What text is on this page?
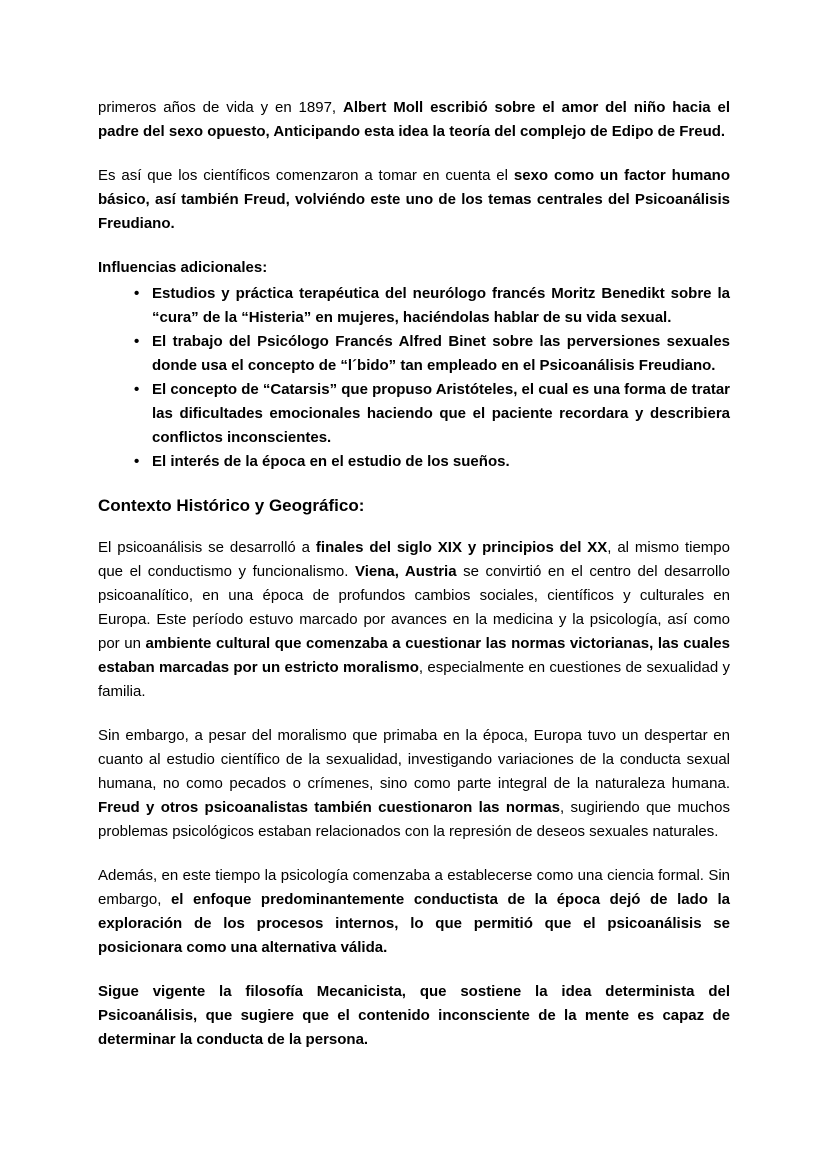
primeros años de vida y en 1897, Albert Moll escribió sobre el amor del niño hacia el padre del sexo opuesto, Anticipando esta idea la teoría del complejo de Edipo de Freud.

Es así que los científicos comenzaron a tomar en cuenta el sexo como un factor humano básico, así también Freud, volviéndo este uno de los temas centrales del Psicoanálisis Freudiano.

Influencias adicionales:

• Estudios y práctica terapéutica del neurólogo francés Moritz Benedikt sobre la “cura” de la “Histeria” en mujeres, haciéndolas hablar de su vida sexual.
• El trabajo del Psicólogo Francés Alfred Binet sobre las perversiones sexuales donde usa el concepto de “l´bido” tan empleado en el Psicoanálisis Freudiano.
• El concepto de “Catarsis” que propuso Aristóteles, el cual es una forma de tratar las dificultades emocionales haciendo que el paciente recordara y describiera conflictos inconscientes.
• El interés de la época en el estudio de los sueños.
Contexto Histórico y Geográfico:

El psicoanálisis se desarrolló a finales del siglo XIX y principios del XX, al mismo tiempo que el conductismo y funcionalismo. Viena, Austria se convirtió en el centro del desarrollo psicoanalítico, en una época de profundos cambios sociales, científicos y culturales en Europa. Este período estuvo marcado por avances en la medicina y la psicología, así como por un ambiente cultural que comenzaba a cuestionar las normas victorianas, las cuales estaban marcadas por un estricto moralismo, especialmente en cuestiones de sexualidad y familia.

Sin embargo, a pesar del moralismo que primaba en la época, Europa tuvo un despertar en cuanto al estudio científico de la sexualidad, investigando variaciones de la conducta sexual humana, no como pecados o crímenes, sino como parte integral de la naturaleza humana. Freud y otros psicoanalistas también cuestionaron las normas, sugiriendo que muchos problemas psicológicos estaban relacionados con la represión de deseos sexuales naturales.

Además, en este tiempo la psicología comenzaba a establecerse como una ciencia formal. Sin embargo, el enfoque predominantemente conductista de la época dejó de lado la exploración de los procesos internos, lo que permitió que el psicoanálisis se posicionara como una alternativa válida.

Sigue vigente la filosofía Mecanicista, que sostiene la idea determinista del Psicoanálisis, que sugiere que el contenido inconsciente de la mente es capaz de determinar la conducta de la persona.
